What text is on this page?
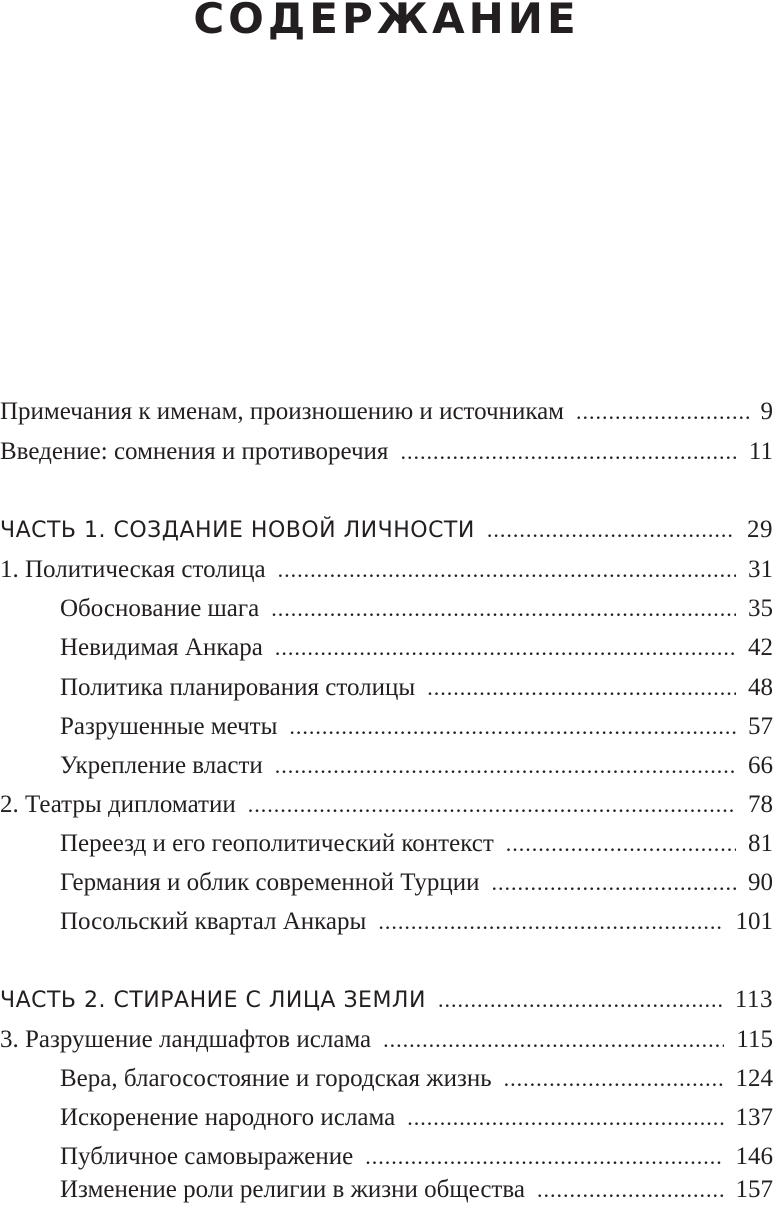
СОДЕРЖАНИЕ
Примечания к именам, произношению и источникам .....	9
Введение: сомнения и противоречия .....	11
ЧАСТЬ 1. СОЗДАНИЕ НОВОЙ ЛИЧНОСТИ .....	29
1. Политическая столица .....	31
Обоснование шага .....	35
Невидимая Анкара .....	42
Политика планирования столицы .....	48
Разрушенные мечты .....	57
Укрепление власти .....	66
2. Театры дипломатии .....	78
Переезд и его геополитический контекст .....	81
Германия и облик современной Турции .....	90
Посольский квартал Анкары .....	101
ЧАСТЬ 2. СТИРАНИЕ С ЛИЦА ЗЕМЛИ .....	113
3. Разрушение ландшафтов ислама .....	115
Вера, благосостояние и городская жизнь .....	124
Искоренение народного ислама .....	137
Публичное самовыражение .....	146
Изменение роли религии в жизни общества .....	157
